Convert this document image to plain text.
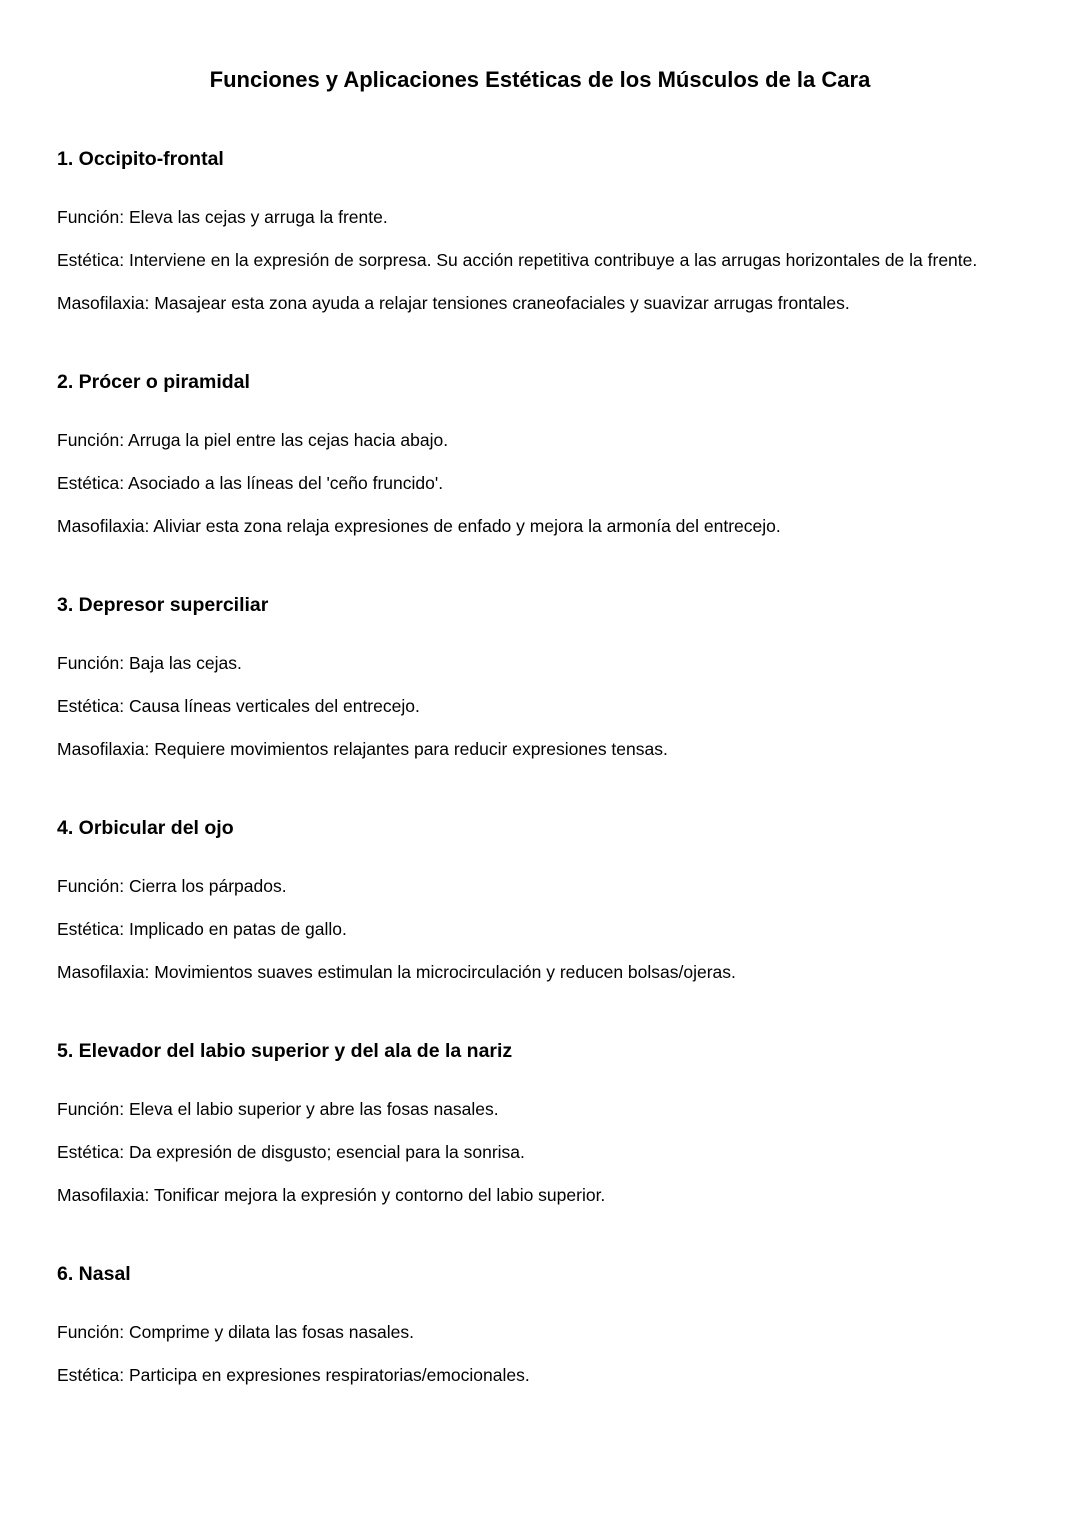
Funciones y Aplicaciones Estéticas de los Músculos de la Cara
1. Occipito-frontal

Función: Eleva las cejas y arruga la frente.

Estética: Interviene en la expresión de sorpresa. Su acción repetitiva contribuye a las arrugas horizontales de la frente.

Masofilaxia: Masajear esta zona ayuda a relajar tensiones craneofaciales y suavizar arrugas frontales.

2. Prócer o piramidal

Función: Arruga la piel entre las cejas hacia abajo.

Estética: Asociado a las líneas del 'ceño fruncido'.

Masofilaxia: Aliviar esta zona relaja expresiones de enfado y mejora la armonía del entrecejo.

3. Depresor superciliar

Función: Baja las cejas.

Estética: Causa líneas verticales del entrecejo.

Masofilaxia: Requiere movimientos relajantes para reducir expresiones tensas.

4. Orbicular del ojo

Función: Cierra los párpados.

Estética: Implicado en patas de gallo.

Masofilaxia: Movimientos suaves estimulan la microcirculación y reducen bolsas/ojeras.

5. Elevador del labio superior y del ala de la nariz

Función: Eleva el labio superior y abre las fosas nasales.

Estética: Da expresión de disgusto; esencial para la sonrisa.

Masofilaxia: Tonificar mejora la expresión y contorno del labio superior.

6. Nasal

Función: Comprime y dilata las fosas nasales.

Estética: Participa en expresiones respiratorias/emocionales.
